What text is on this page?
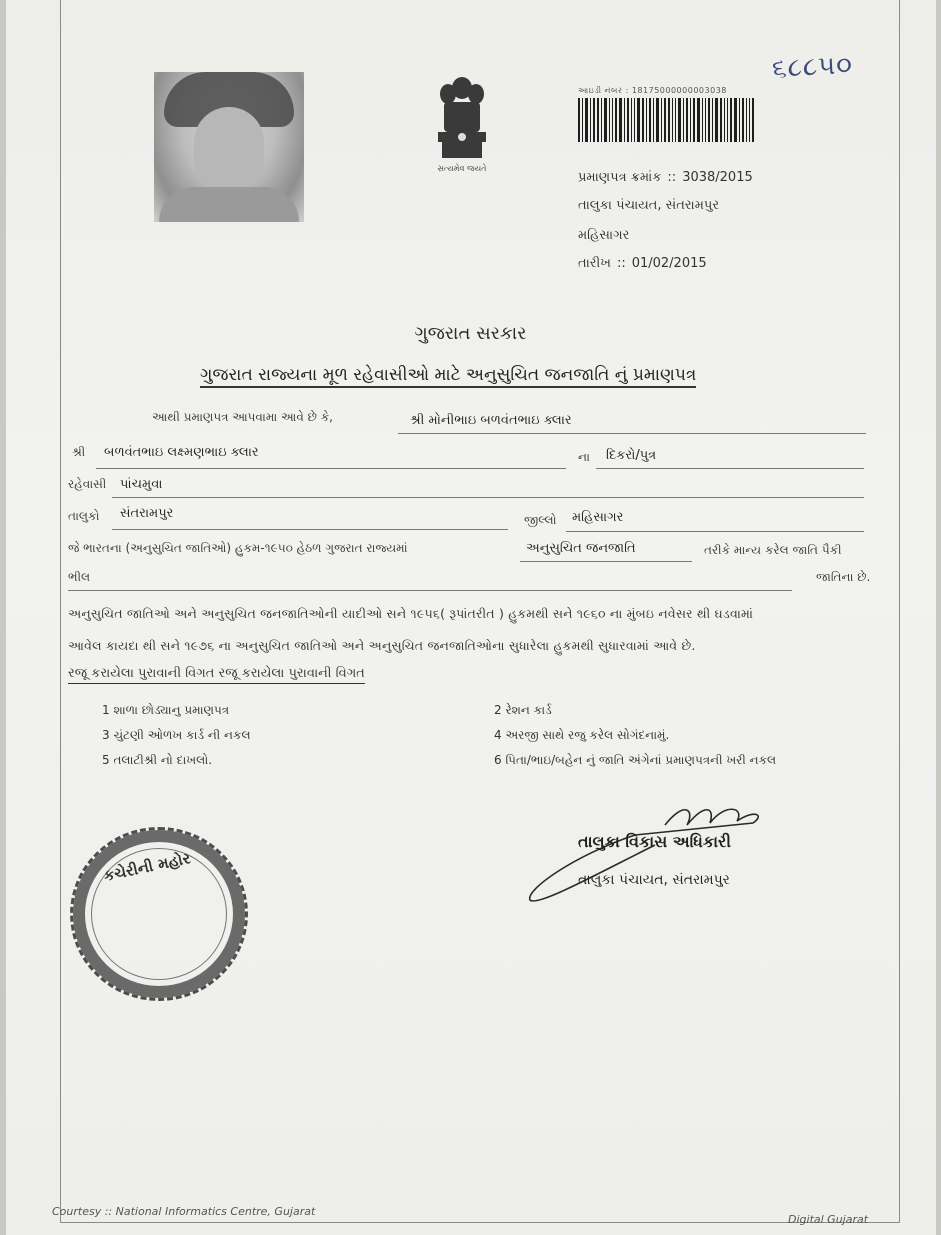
સત્યમેવ જયતે
આઇડી નંબર : 18175000000003038
૬૮૮૫૦
પ્રમાણપત્ર ક્રમાંક :: 3038/2015
તાલુકા પંચાયત, સંતરામપુર
મહિસાગર
તારીખ :: 01/02/2015
ગુજરાત સરકાર
ગુજરાત રાજ્યના મૂળ રહેવાસીઓ માટે અનુસુચિત જનજાતિ નું પ્રમાણપત્ર
આથી પ્રમાણપત્ર આપવામા આવે છે કે,	શ્રી મોનીભાઇ બળવંતભાઇ ક્લાર
શ્રી બળવંતભાઇ લક્ષ્મણભાઇ ક્લાર	ના દિકરો/પુત્ર
રહેવાસી પાંચમુવા
તાલુકો સંતરામપુર	જીલ્લો મહિસાગર
જે ભારતના (અનુસુચિત જાતિઓ) હુકમ-૧૯૫૦ હેઠળ ગુજરાત રાજ્યમાં	અનુસુચિત જનજાતિ	તરીકે માન્ય કરેલ જાતિ પૈકી
ભીલ	જાતિના છે.
અનુસુચિત જાતિઓ અને અનુસુચિત જનજાતિઓની યાદીઓ સને ૧૯૫૬( રૂપાંતરીત ) હુકમથી સને ૧૯૬૦ ના મુંબઇ નવેસર થી ઘડવામાં
આવેલ કાયદા થી સને ૧૯૭૬ ના અનુસુચિત જાતિઓ અને અનુસુચિત જનજાતિઓના સુધારેલા હુકમથી સુધારવામાં આવે છે.
રજૂ કરાયેલા પુરાવાની વિગત રજૂ કરાયેલા પુરાવાની વિગત
1 શાળા છોડ્યાનુ પ્રમાણપત્ર	2 રેશન કાર્ડ
3 ચુંટણી ઓળખ કાર્ડ ની નકલ	4 અરજી સાથે રજુ કરેલ સોગંદનામું.
5 તલાટીશ્રી નો દાખલો.	6 પિતા/ભાઇ/બહેન નું જાતિ અંગેનાં પ્રમાણપત્રની ખરી નકલ
કચેરીની મહોર
તાલુકા વિકાસ અધિકારી
તાલુકા પંચાયત, સંતરામપુર
Courtesy :: National Informatics Centre, Gujarat
Digital Gujarat
